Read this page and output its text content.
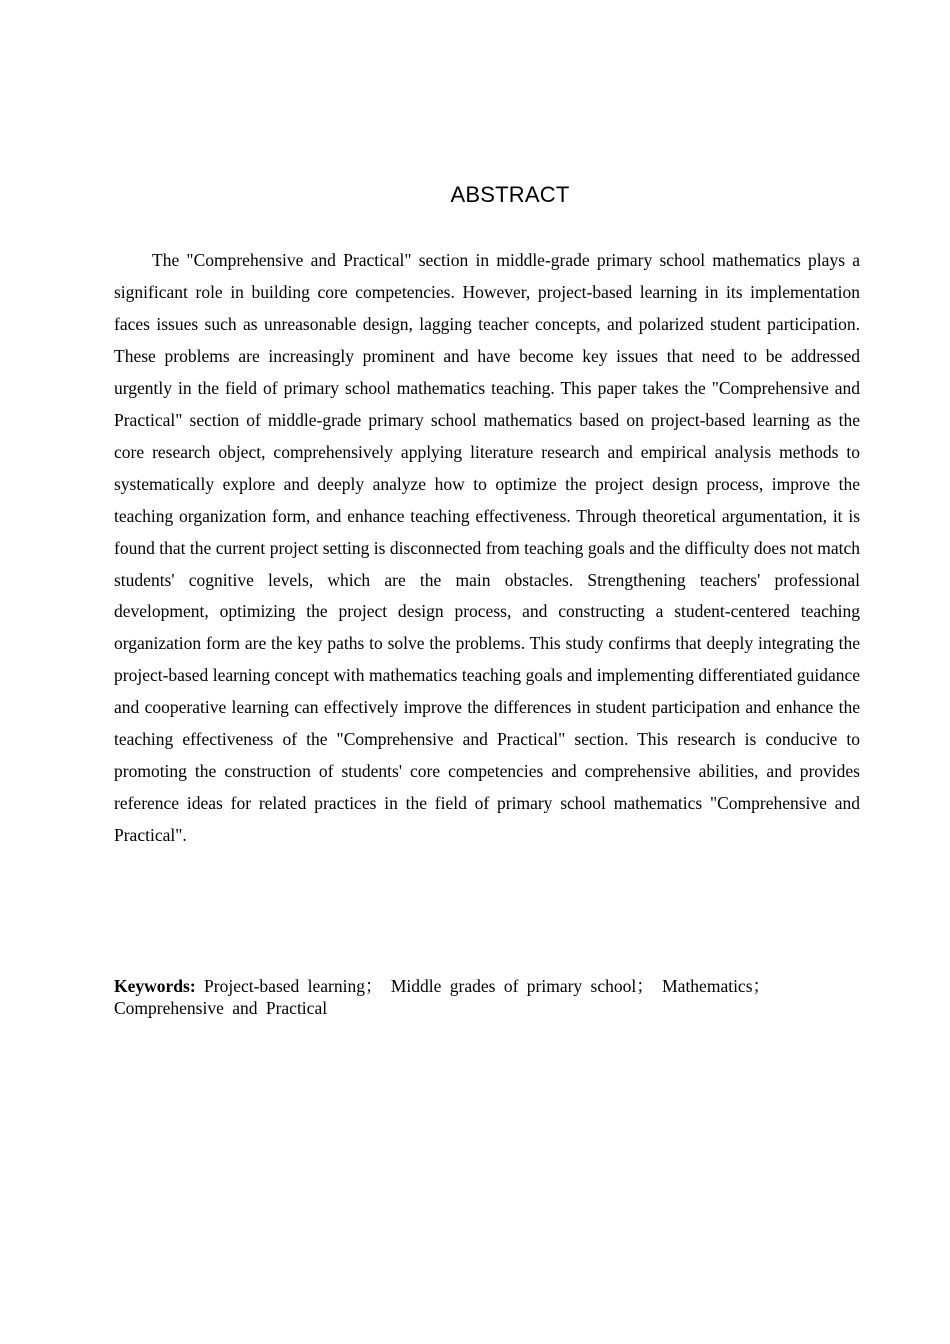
ABSTRACT

The "Comprehensive and Practical" section in middle-grade primary school mathematics plays a significant role in building core competencies. However, project-based learning in its implementation faces issues such as unreasonable design, lagging teacher concepts, and polarized student participation. These problems are increasingly prominent and have become key issues that need to be addressed urgently in the field of primary school mathematics teaching. This paper takes the "Comprehensive and Practical" section of middle-grade primary school mathematics based on project-based learning as the core research object, comprehensively applying literature research and empirical analysis methods to systematically explore and deeply analyze how to optimize the project design process, improve the teaching organization form, and enhance teaching effectiveness. Through theoretical argumentation, it is found that the current project setting is disconnected from teaching goals and the difficulty does not match students' cognitive levels, which are the main obstacles. Strengthening teachers' professional development, optimizing the project design process, and constructing a student-centered teaching organization form are the key paths to solve the problems. This study confirms that deeply integrating the project-based learning concept with mathematics teaching goals and implementing differentiated guidance and cooperative learning can effectively improve the differences in student participation and enhance the teaching effectiveness of the "Comprehensive and Practical" section. This research is conducive to promoting the construction of students' core competencies and comprehensive abilities, and provides reference ideas for related practices in the field of primary school mathematics "Comprehensive and Practical".

Keywords: Project-based learning； Middle grades of primary school； Mathematics； Comprehensive and Practical
